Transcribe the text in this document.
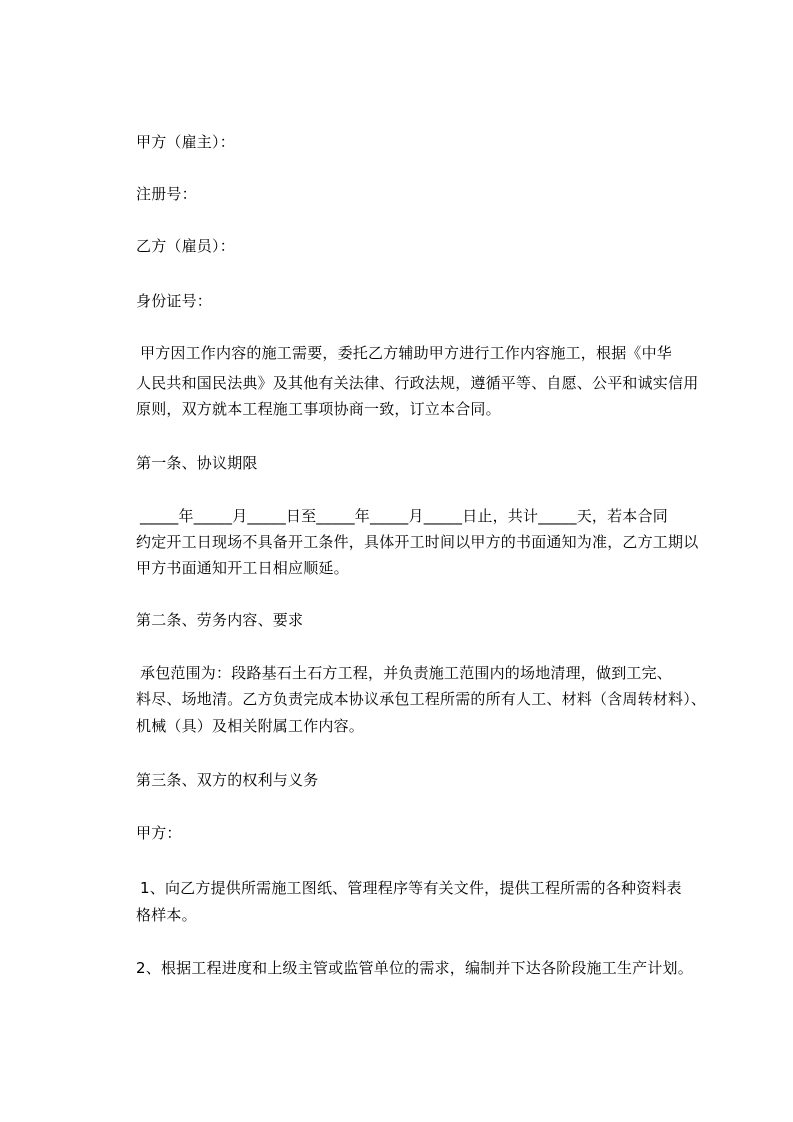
甲方（雇主）：

注册号：

乙方（雇员）：

身份证号：

甲方因工作内容的施工需要，委托乙方辅助甲方进行工作内容施工，根据《中华

人民共和国民法典》及其他有关法律、行政法规，遵循平等、自愿、公平和诚实信用

原则，双方就本工程施工事项协商一致，订立本合同。

第一条、协议期限

_____年_____月_____日至_____年_____月_____日止，共计_____天，若本合同

约定开工日现场不具备开工条件，具体开工时间以甲方的书面通知为准，乙方工期以

甲方书面通知开工日相应顺延。

第二条、劳务内容、要求

承包范围为：段路基石土石方工程，并负责施工范围内的场地清理，做到工完、

料尽、场地清。乙方负责完成本协议承包工程所需的所有人工、材料（含周转材料）、

机械（具）及相关附属工作内容。

第三条、双方的权利与义务

甲方：

1、向乙方提供所需施工图纸、管理程序等有关文件，提供工程所需的各种资料表

格样本。

2、根据工程进度和上级主管或监管单位的需求，编制并下达各阶段施工生产计划。
